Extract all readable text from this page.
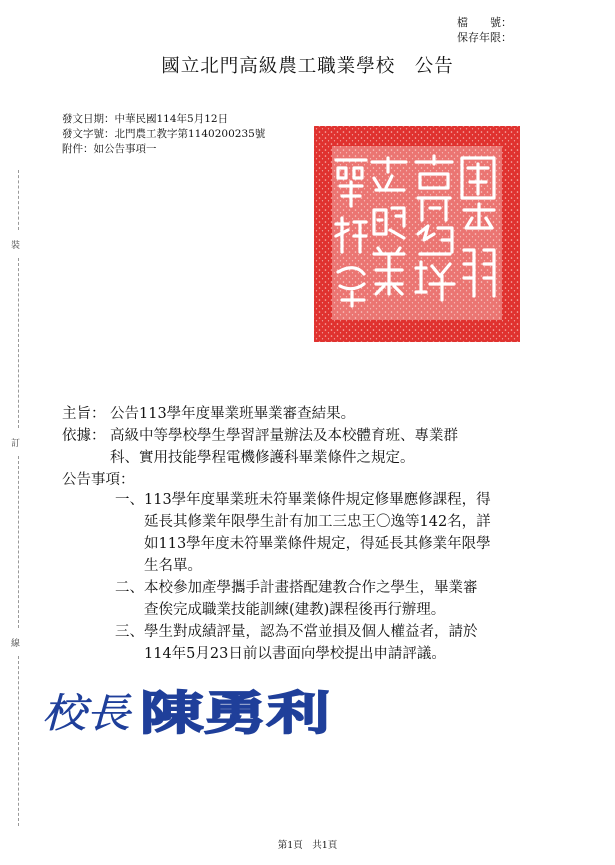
檔　　號：
保存年限：
國立北門高級農工職業學校　公告
發文日期：中華民國114年5月12日
發文字號：北門農工教字第1140200235號
附件：如公告事項一
裝
訂
線
主旨： 公告113學年度畢業班畢業審查結果。
依據： 高級中等學校學生學習評量辦法及本校體育班、專業群
科、實用技能學程電機修護科畢業條件之規定。
公告事項：
一、 113學年度畢業班未符畢業條件規定修畢應修課程，得
延長其修業年限學生計有加工三忠王〇逸等142名，詳
如113學年度未符畢業條件規定，得延長其修業年限學
生名單。
二、 本校參加產學攜手計畫搭配建教合作之學生，畢業審
查俟完成職業技能訓練(建教)課程後再行辦理。
三、 學生對成績評量，認為不當並損及個人權益者，請於
114年5月23日前以書面向學校提出申請評議。
校長 陳勇利
第1頁　共1頁
